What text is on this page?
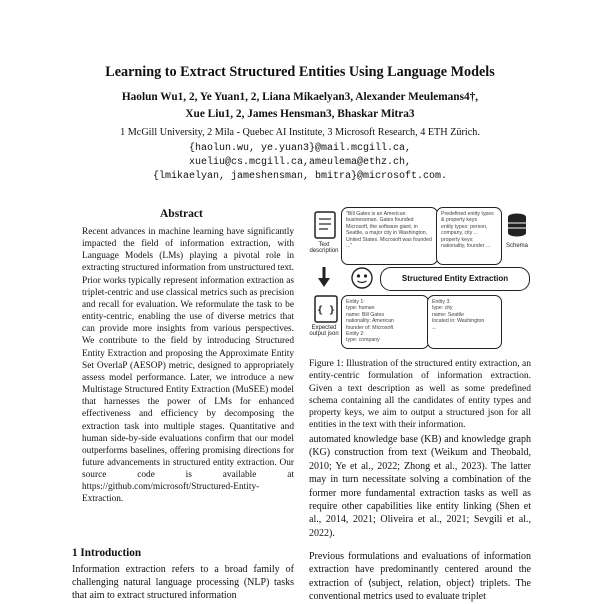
Learning to Extract Structured Entities Using Language Models
Haolun Wu1, 2, Ye Yuan1, 2, Liana Mikaelyan3, Alexander Meulemans4†,
Xue Liu1, 2, James Hensman3, Bhaskar Mitra3
1 McGill University, 2 Mila - Quebec AI Institute, 3 Microsoft Research, 4 ETH Zürich.
{haolun.wu, ye.yuan3}@mail.mcgill.ca,
xueliu@cs.mcgill.ca,ameulema@ethz.ch,
{lmikaelyan, jameshensman, bmitra}@microsoft.com.
Abstract
Recent advances in machine learning have significantly impacted the field of information extraction, with Language Models (LMs) playing a pivotal role in extracting structured information from unstructured text. Prior works typically represent information extraction as triplet-centric and use classical metrics such as precision and recall for evaluation. We reformulate the task to be entity-centric, enabling the use of diverse metrics that can provide more insights from various perspectives. We contribute to the field by introducing Structured Entity Extraction and proposing the Approximate Entity Set OverlaP (AESOP) metric, designed to appropriately assess model performance. Later, we introduce a new Multistage Structured Entity Extraction (MuSEE) model that harnesses the power of LMs for enhanced effectiveness and efficiency by decomposing the extraction task into multiple stages. Quantitative and human side-by-side evaluations confirm that our model outperforms baselines, offering promising directions for future advancements in structured entity extraction. Our source code is available at https://github.com/microsoft/Structured-Entity-Extraction.
1 Introduction
Information extraction refers to a broad family of challenging natural language processing (NLP) tasks that aim to extract structured information
Text description
"Bill Gates is an American businessman. Gates founded Microsoft, the software giant, in Seattle, a major city in Washington, United States. Microsoft was founded ..."
Predefined entity types & property keys
entity types: person, company, city ...
property keys: nationality, founder ...	Schema
Structured Entity Extraction
{ }
Expected output json
Entity 1:
type: human
name: Bill Gates
nationality: American
founder of: Microsoft
Entity 2:
type: company
Entity 3:
type: city
name: Seattle
located in: Washington
...
Figure 1: Illustration of the structured entity extraction, an entity-centric formulation of information extraction. Given a text description as well as some predefined schema containing all the candidates of entity types and property keys, we aim to output a structured json for all entities in the text with their information.
automated knowledge base (KB) and knowledge graph (KG) construction from text (Weikum and Theobald, 2010; Ye et al., 2022; Zhong et al., 2023). The latter may in turn necessitate solving a combination of the former more fundamental extraction tasks as well as require other capabilities like entity linking (Shen et al., 2014, 2021; Oliveira et al., 2021; Sevgili et al., 2022).
Previous formulations and evaluations of information extraction have predominantly centered around the extraction of ⟨subject, relation, object⟩ triplets. The conventional metrics used to evaluate triplet
